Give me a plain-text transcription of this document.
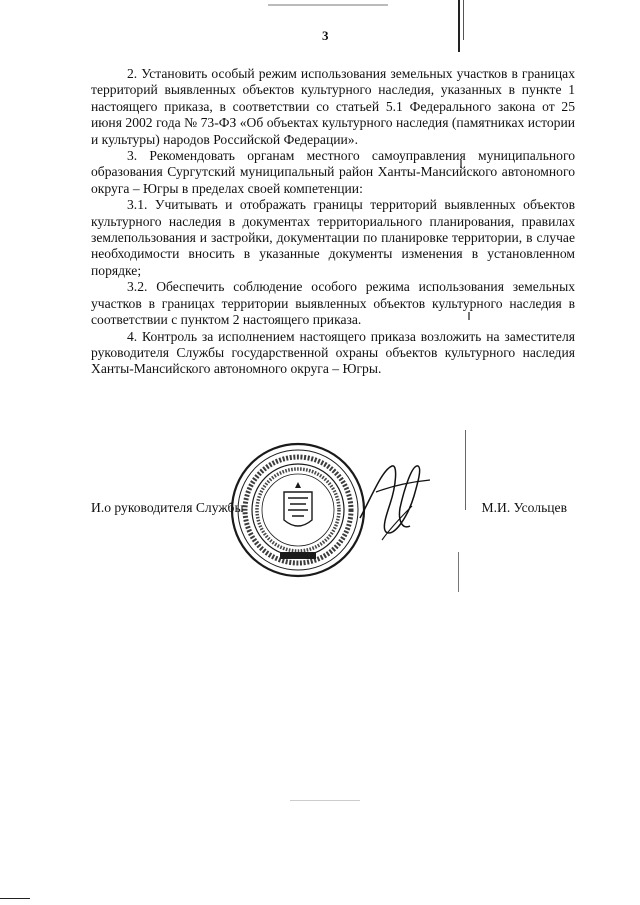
3

2. Установить особый режим использования земельных участков в границах территорий выявленных объектов культурного наследия, указанных в пункте 1 настоящего приказа, в соответствии со статьей 5.1 Федерального закона от 25 июня 2002 года № 73-ФЗ «Об объектах культурного наследия (памятниках истории и культуры) народов Российской Федерации».

3. Рекомендовать органам местного самоуправления муниципального образования Сургутский муниципальный район Ханты-Мансийского автономного округа – Югры в пределах своей компетенции:

3.1. Учитывать и отображать границы территорий выявленных объектов культурного наследия в документах территориального планирования, правилах землепользования и застройки, документации по планировке территории, в случае необходимости вносить в указанные документы изменения в установленном порядке;

3.2. Обеспечить соблюдение особого режима использования земельных участков в границах территории выявленных объектов культурного наследия в соответствии с пунктом 2 настоящего приказа.

4. Контроль за исполнением настоящего приказа возложить на заместителя руководителя Службы государственной охраны объектов культурного наследия Ханты-Мансийского автономного округа – Югры.

И.о руководителя Службы	М.И. Усольцев
